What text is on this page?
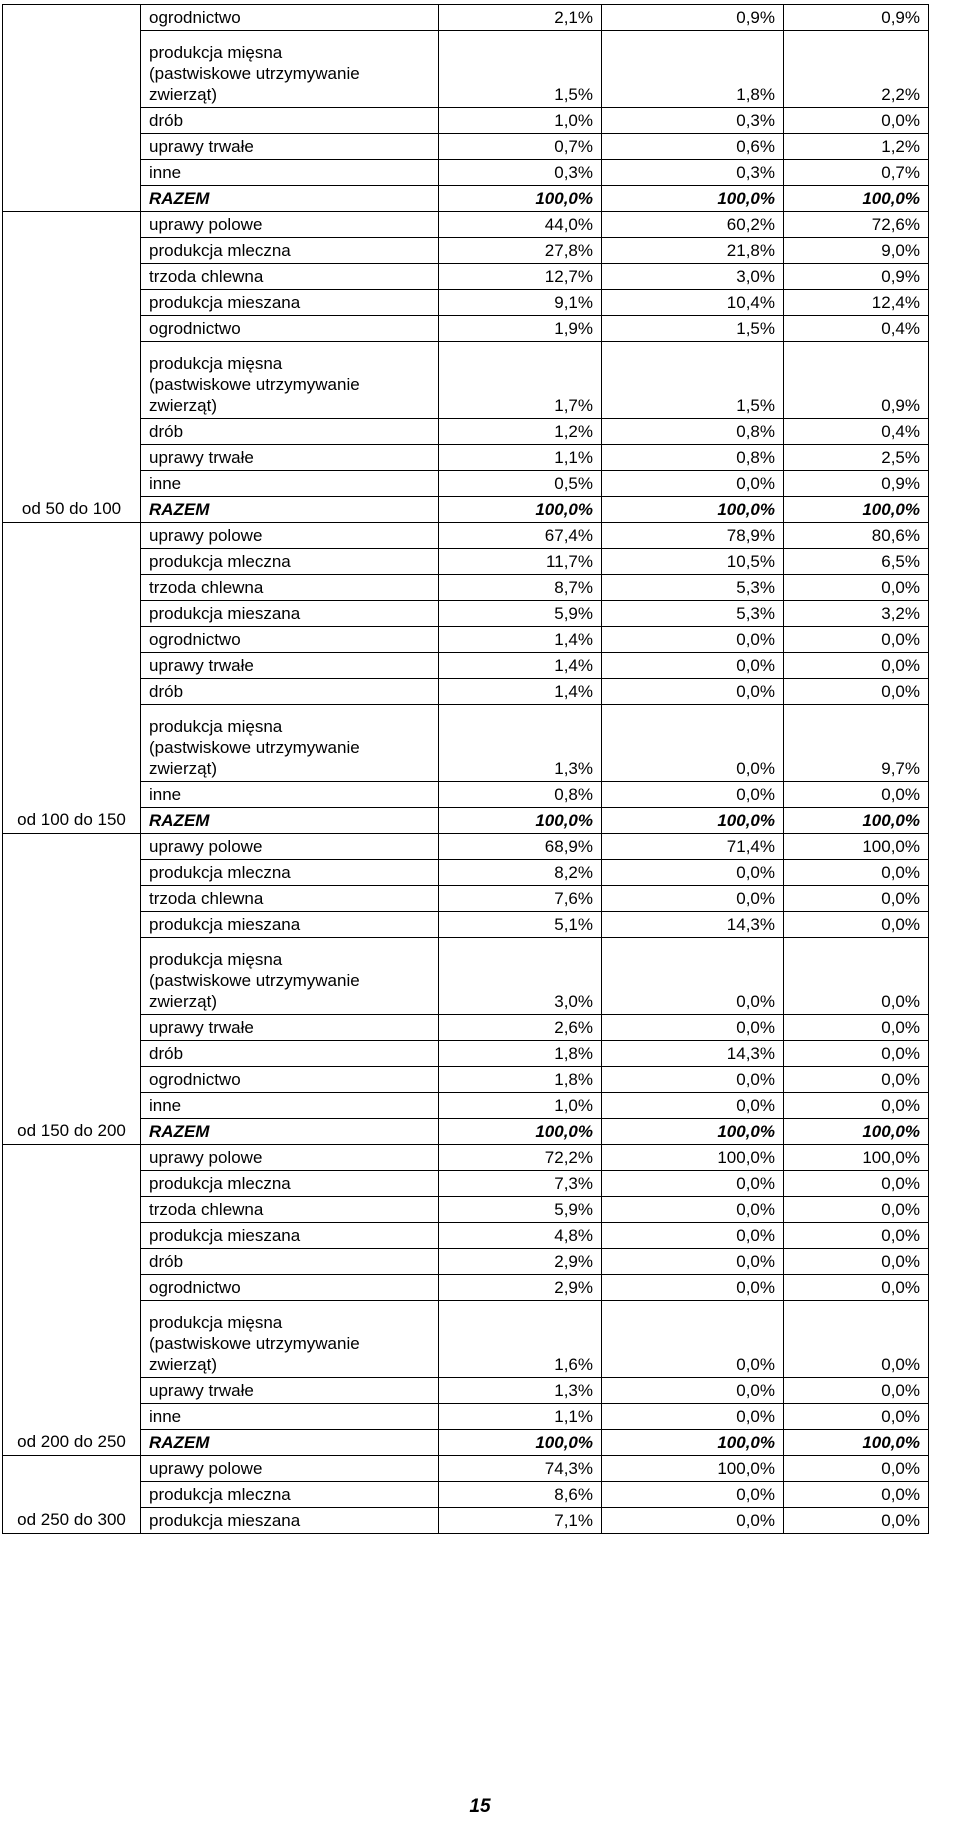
	ogrodnictwo	2,1%	0,9%	0,9%
	produkcja mięsna (pastwiskowe utrzymywanie zwierząt)	1,5%	1,8%	2,2%
	drób	1,0%	0,3%	0,0%
	uprawy trwałe	0,7%	0,6%	1,2%
	inne	0,3%	0,3%	0,7%
	RAZEM	100,0%	100,0%	100,0%
od 50 do 100	uprawy polowe	44,0%	60,2%	72,6%
	produkcja mleczna	27,8%	21,8%	9,0%
	trzoda chlewna	12,7%	3,0%	0,9%
	produkcja mieszana	9,1%	10,4%	12,4%
	ogrodnictwo	1,9%	1,5%	0,4%
	produkcja mięsna (pastwiskowe utrzymywanie zwierząt)	1,7%	1,5%	0,9%
	drób	1,2%	0,8%	0,4%
	uprawy trwałe	1,1%	0,8%	2,5%
	inne	0,5%	0,0%	0,9%
	RAZEM	100,0%	100,0%	100,0%
od 100 do 150	uprawy polowe	67,4%	78,9%	80,6%
	produkcja mleczna	11,7%	10,5%	6,5%
	trzoda chlewna	8,7%	5,3%	0,0%
	produkcja mieszana	5,9%	5,3%	3,2%
	ogrodnictwo	1,4%	0,0%	0,0%
	uprawy trwałe	1,4%	0,0%	0,0%
	drób	1,4%	0,0%	0,0%
	produkcja mięsna (pastwiskowe utrzymywanie zwierząt)	1,3%	0,0%	9,7%
	inne	0,8%	0,0%	0,0%
	RAZEM	100,0%	100,0%	100,0%
od 150 do 200	uprawy polowe	68,9%	71,4%	100,0%
	produkcja mleczna	8,2%	0,0%	0,0%
	trzoda chlewna	7,6%	0,0%	0,0%
	produkcja mieszana	5,1%	14,3%	0,0%
	produkcja mięsna (pastwiskowe utrzymywanie zwierząt)	3,0%	0,0%	0,0%
	uprawy trwałe	2,6%	0,0%	0,0%
	drób	1,8%	14,3%	0,0%
	ogrodnictwo	1,8%	0,0%	0,0%
	inne	1,0%	0,0%	0,0%
	RAZEM	100,0%	100,0%	100,0%
od 200 do 250	uprawy polowe	72,2%	100,0%	100,0%
	produkcja mleczna	7,3%	0,0%	0,0%
	trzoda chlewna	5,9%	0,0%	0,0%
	produkcja mieszana	4,8%	0,0%	0,0%
	drób	2,9%	0,0%	0,0%
	ogrodnictwo	2,9%	0,0%	0,0%
	produkcja mięsna (pastwiskowe utrzymywanie zwierząt)	1,6%	0,0%	0,0%
	uprawy trwałe	1,3%	0,0%	0,0%
	inne	1,1%	0,0%	0,0%
	RAZEM	100,0%	100,0%	100,0%
od 250 do 300	uprawy polowe	74,3%	100,0%	0,0%
	produkcja mleczna	8,6%	0,0%	0,0%
	produkcja mieszana	7,1%	0,0%	0,0%
15
